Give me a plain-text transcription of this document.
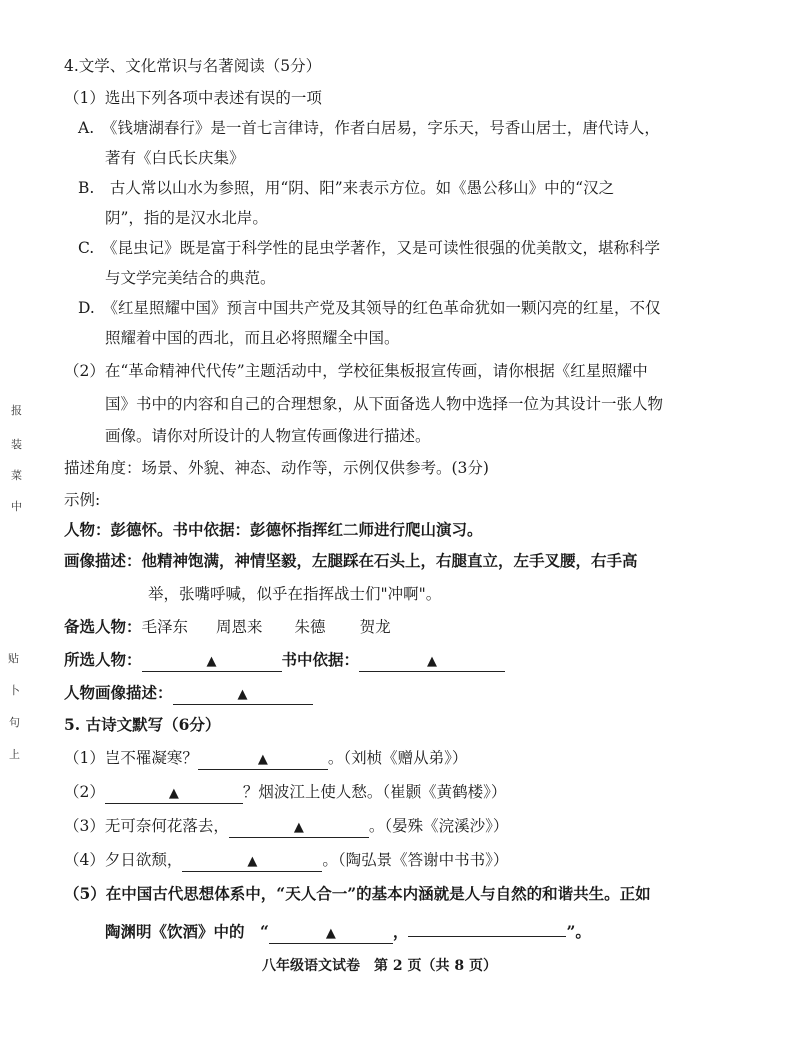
报
装
菜
中
贴
卜
句
上
4.文学、文化常识与名著阅读（5分）
（1）选出下列各项中表述有误的一项
A.　《钱塘湖春行》是一首七言律诗，作者白居易，字乐天，号香山居士，唐代诗人，
著有《白氏长庆集》
B.　古人常以山水为参照，用“阴、阳”来表示方位。如《愚公移山》中的“汉之
阴”，指的是汉水北岸。
C.　《昆虫记》既是富于科学性的昆虫学著作，又是可读性很强的优美散文，堪称科学
与文学完美结合的典范。
D.　《红星照耀中国》预言中国共产党及其领导的红色革命犹如一颗闪亮的红星，不仅
照耀着中国的西北，而且必将照耀全中国。
（2）在“革命精神代代传”主题活动中，学校征集板报宣传画，请你根据《红星照耀中
国》书中的内容和自己的合理想象，从下面备选人物中选择一位为其设计一张人物
画像。请你对所设计的人物宣传画像进行描述。
描述角度：场景、外貌、神态、动作等，示例仅供参考。(3分)
示例:
人物：彭德怀。书中依据：彭德怀指挥红二师进行爬山演习。
画像描述：他精神饱满，神情坚毅，左腿踩在石头上，右腿直立，左手叉腰，右手高
举，张嘴呼喊，似乎在指挥战士们"冲啊"。
备选人物：毛泽东 周恩来 朱德 贺龙
所选人物：	▲	书中依据：	▲
人物画像描述：	▲
5. 古诗文默写（6分）
（1）岂不罹凝寒？	▲	。（刘桢《赠从弟》）
（2）	▲	？烟波江上使人愁。（崔颢《黄鹤楼》）
（3）无可奈何花落去，	▲	。（晏殊《浣溪沙》）
（4）夕日欲颓，	▲	。（陶弘景《答谢中书书》）
（5）在中国古代思想体系中，“天人合一”的基本内涵就是人与自然的和谐共生。正如
陶渊明《饮酒》中的　“	▲	，	”。
八年级语文试卷　第 2 页（共 8 页）
